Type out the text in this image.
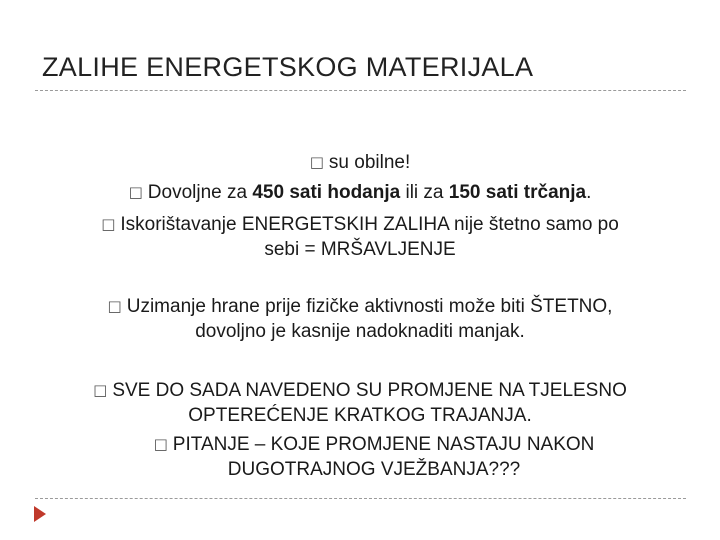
ZALIHE ENERGETSKOG MATERIJALA
□ su obilne!
□ Dovoljne za 450 sati hodanja ili za 150 sati trčanja.
□ Iskorištavanje ENERGETSKIH ZALIHA nije štetno samo po
sebi = MRŠAVLJENJE
□ Uzimanje hrane prije fizičke aktivnosti može biti ŠTETNO,
dovoljno je kasnije nadoknaditi manjak.
□ SVE DO SADA NAVEDENO SU PROMJENE NA TJELESNO
OPTEREĆENJE KRATKOG TRAJANJA.
□ PITANJE – KOJE PROMJENE NASTAJU NAKON
DUGOTRAJNOG VJEŽBANJA???
